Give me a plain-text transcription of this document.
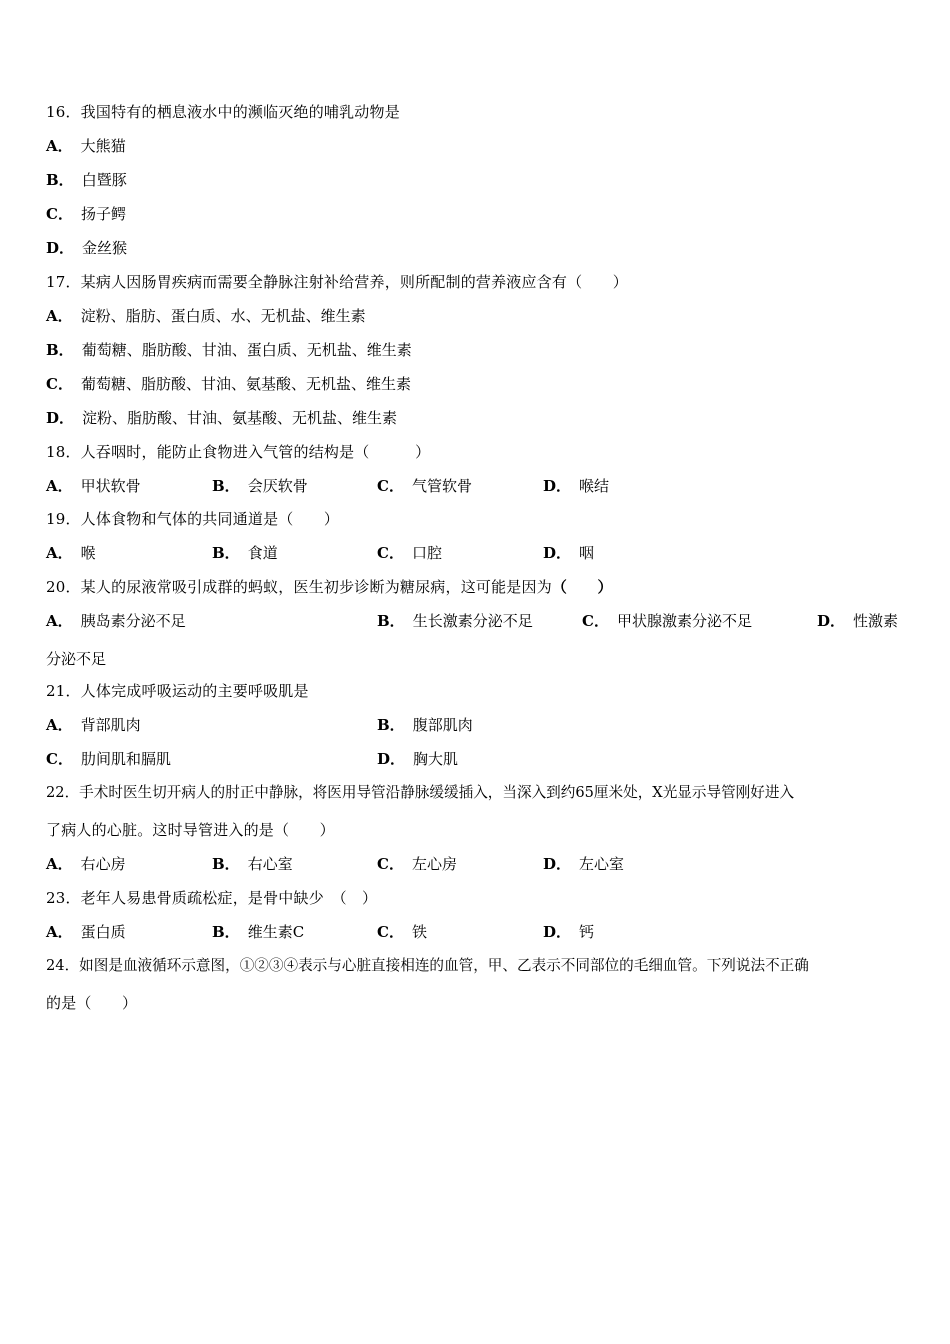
16．我国特有的栖息液水中的濒临灭绝的哺乳动物是
A． 大熊猫
B． 白暨豚
C． 扬子鳄
D． 金丝猴
17．某病人因肠胃疾病而需要全静脉注射补给营养，则所配制的营养液应含有（　　）
A． 淀粉、脂肪、蛋白质、水、无机盐、维生素
B． 葡萄糖、脂肪酸、甘油、蛋白质、无机盐、维生素
C． 葡萄糖、脂肪酸、甘油、氨基酸、无机盐、维生素
D． 淀粉、脂肪酸、甘油、氨基酸、无机盐、维生素
18．人吞咽时，能防止食物进入气管的结构是（　　　）
A． 甲状软骨	B． 会厌软骨	C． 气管软骨	D． 喉结
19．人体食物和气体的共同通道是（　　）
A． 喉	B． 食道	C． 口腔	D． 咽
20．某人的尿液常吸引成群的蚂蚁，医生初步诊断为糖尿病，这可能是因为（　　）
A． 胰岛素分泌不足	B． 生长激素分泌不足	C． 甲状腺激素分泌不足	D． 性激素
分泌不足
21．人体完成呼吸运动的主要呼吸肌是
A． 背部肌肉	B． 腹部肌肉
C． 肋间肌和膈肌	D． 胸大肌
22．手术时医生切开病人的肘正中静脉，将医用导管沿静脉缓缓插入，当深入到约65厘米处，X光显示导管刚好进入
了病人的心脏。这时导管进入的是（　　）
A． 右心房	B． 右心室	C． 左心房	D． 左心室
23．老年人易患骨质疏松症，是骨中缺少　（　）
A． 蛋白质	B． 维生素C	C． 铁	D． 钙
24．如图是血液循环示意图，①②③④表示与心脏直接相连的血管，甲、乙表示不同部位的毛细血管。下列说法不正确
的是（　　）
